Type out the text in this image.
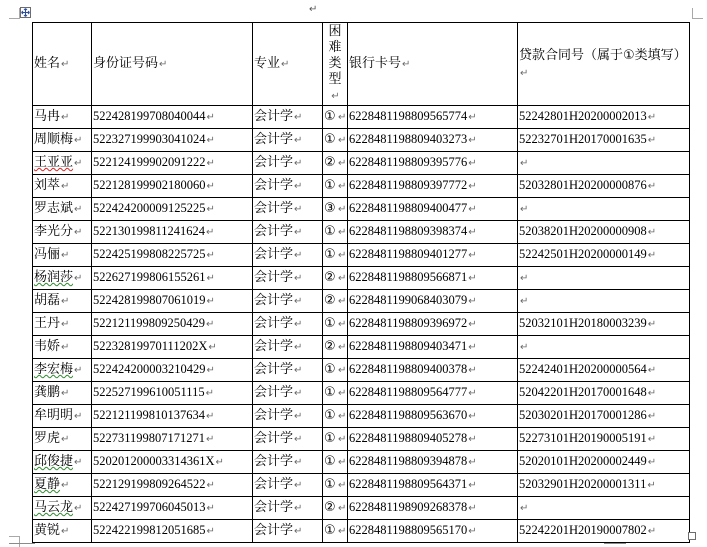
↵
姓名↵	身份证号码↵	专业↵	困
难
类
型↵	银行卡号↵	贷款合同号（属于①类填写）↵
马冉↵	522428199708040044↵	会计学↵	① ↵	6228481198809565774↵	52242801H20200002013↵
周顺梅↵	522327199903041024↵	会计学↵	① ↵	6228481198809403273↵	52232701H20170001635↵
王亚亚↵	522124199902091222↵	会计学↵	② ↵	6228481198809395776↵	↵
刘萃↵	522128199902180060↵	会计学↵	① ↵	6228481198809397772↵	52032801H20200000876↵
罗志斌↵	522424200009125225↵	会计学↵	③ ↵	6228481198809400477↵	↵
李光分↵	522130199811241624↵	会计学↵	① ↵	6228481198809398374↵	52038201H20200000908↵
冯俪↵	522425199808225725↵	会计学↵	① ↵	6228481198809401277↵	52242501H20200000149↵
杨润莎↵	522627199806155261↵	会计学↵	② ↵	6228481198809566871↵	↵
胡磊↵	522428199807061019↵	会计学↵	② ↵	6228481199068403079↵	↵
王丹↵	522121199809250429↵	会计学↵	① ↵	6228481198809396972↵	52032101H20180003239↵
韦娇↵	52232819970111202X↵	会计学↵	② ↵	6228481198809403471↵	↵
李宏梅↵	522424200003210429↵	会计学↵	① ↵	6228481198809400378↵	52242401H20200000564↵
龚鹏↵	522527199610051115↵	会计学↵	① ↵	6228481198809564777↵	52042201H20170001648↵
牟明明↵	522121199810137634↵	会计学↵	① ↵	6228481198809563670↵	52030201H20170001286↵
罗虎↵	522731199807171271↵	会计学↵	① ↵	6228481198809405278↵	52273101H20190005191↵
邱俊捷↵	520201200003314361X↵	会计学↵	① ↵	6228481198809394878↵	52020101H20200002449↵
夏静↵	522129199809264522↵	会计学↵	① ↵	6228481198809564371↵	52032901H20200001311↵
马云龙↵	522427199706045013↵	会计学↵	② ↵	6228481198909268378↵	↵
黄锐↵	522422199812051685↵	会计学↵	① ↵	6228481198809565170↵	52242201H20190007802↵
